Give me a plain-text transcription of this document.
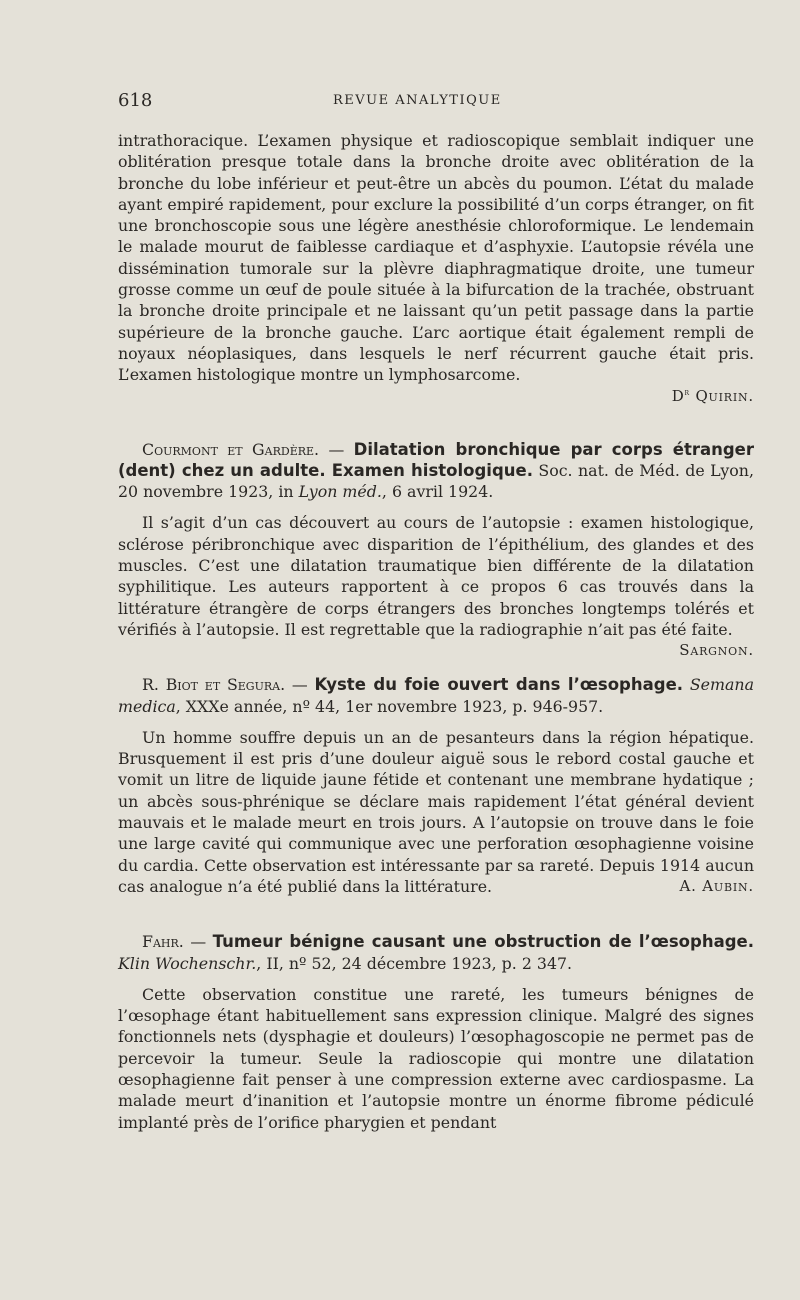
618	REVUE ANALYTIQUE

intrathoracique. L’examen physique et radioscopique semblait indiquer une oblitération presque totale dans la bronche droite avec oblitération de la bronche du lobe inférieur et peut-être un abcès du poumon. L’état du malade ayant empiré rapidement, pour exclure la possibilité d’un corps étranger, on fit une bronchoscopie sous une légère anesthésie chloroformique. Le lendemain le malade mourut de faiblesse cardiaque et d’asphyxie. L’autopsie révéla une dissémination tumorale sur la plèvre diaphragmatique droite, une tumeur grosse comme un œuf de poule située à la bifurcation de la trachée, obstruant la bronche droite principale et ne laissant qu’un petit passage dans la partie supérieure de la bronche gauche. L’arc aortique était également rempli de noyaux néoplasiques, dans lesquels le nerf récurrent gauche était pris. L’examen histologique montre un lymphosarcome.

$D^r$ Quirin.

Courmont et Gardère. — Dilatation bronchique par corps étranger (dent) chez un adulte. Examen histologique. Soc. nat. de Méd. de Lyon, 20 novembre 1923, in Lyon méd., 6 avril 1924.

Il s’agit d’un cas découvert au cours de l’autopsie : examen histologique, sclérose péribronchique avec disparition de l’épithélium, des glandes et des muscles. C’est une dilatation traumatique bien différente de la dilatation syphilitique. Les auteurs rapportent à ce propos 6 cas trouvés dans la littérature étrangère de corps étrangers des bronches longtemps tolérés et vérifiés à l’autopsie. Il est regrettable que la radiographie n’ait pas été faite.
Sargnon.

R. Biot et Segura. — Kyste du foie ouvert dans l’œsophage. Semana medica, XXXe année, nº 44, 1er novembre 1923, p. 946-957.

Un homme souffre depuis un an de pesanteurs dans la région hépatique. Brusquement il est pris d’une douleur aiguë sous le rebord costal gauche et vomit un litre de liquide jaune fétide et contenant une membrane hydatique ; un abcès sous-phrénique se déclare mais rapidement l’état général devient mauvais et le malade meurt en trois jours. A l’autopsie on trouve dans le foie une large cavité qui communique avec une perforation œsophagienne voisine du cardia. Cette observation est intéressante par sa rareté. Depuis 1914 aucun cas analogue n’a été publié dans la littérature.	A. Aubin.

Fahr. — Tumeur bénigne causant une obstruction de l’œsophage. Klin Wochenschr., II, nº 52, 24 décembre 1923, p. 2 347.

Cette observation constitue une rareté, les tumeurs bénignes de l’œsophage étant habituellement sans expression clinique. Malgré des signes fonctionnels nets (dysphagie et douleurs) l’œsophagoscopie ne permet pas de percevoir la tumeur. Seule la radioscopie qui montre une dilatation œsophagienne fait penser à une compression externe avec cardiospasme. La malade meurt d’inanition et l’autopsie montre un énorme fibrome pédiculé implanté près de l’orifice pharygien et pendant
